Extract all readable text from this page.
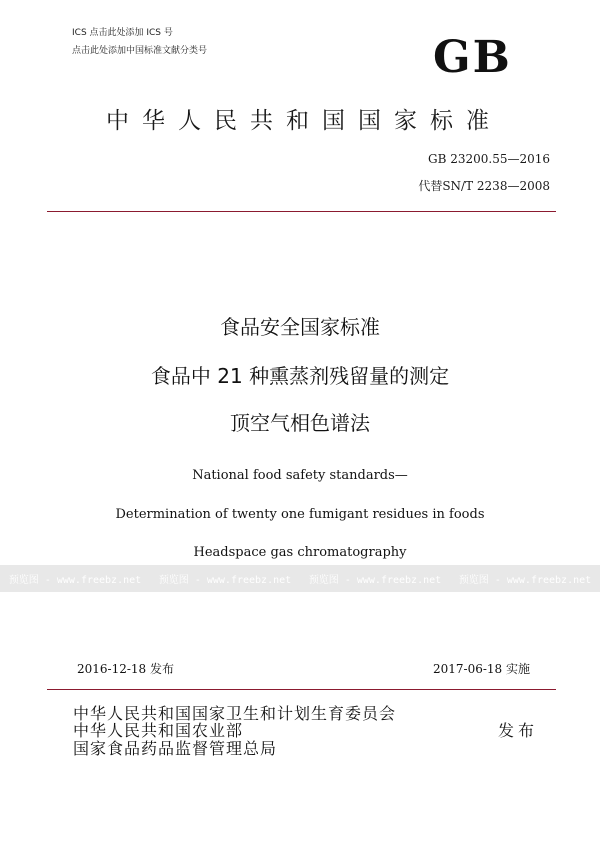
ICS 点击此处添加 ICS 号
点击此处添加中国标准文献分类号	GB
中华人民共和国国家标准
GB 23200.55—2016
代替SN/T 2238—2008
食品安全国家标准
食品中 21 种熏蒸剂残留量的测定
顶空气相色谱法
National food safety standards—
Determination of twenty one fumigant residues in foods
Headspace gas chromatography
预览图 - www.freebz.net	预览图 - www.freebz.net	预览图 - www.freebz.net	预览图 - www.freebz.net
2016-12-18 发布	2017-06-18 实施
中华人民共和国国家卫生和计划生育委员会
中华人民共和国农业部
国家食品药品监督管理总局
发布
